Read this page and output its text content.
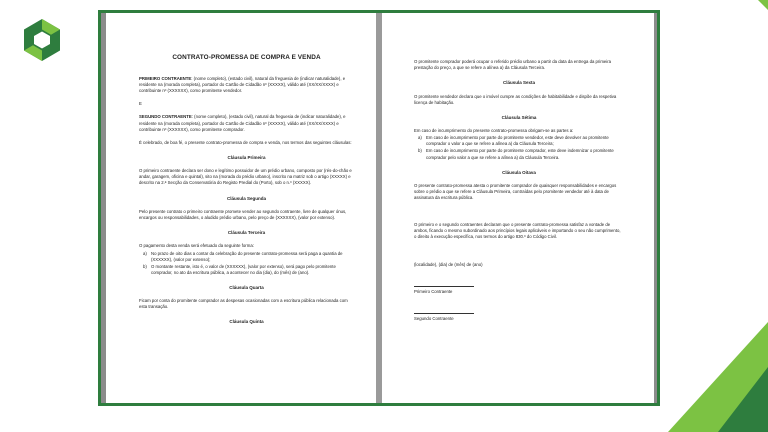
CONTRATO-PROMESSA DE COMPRA E VENDA

PRIMEIRO CONTRAENTE: (nome completo), (estado civil), natural da freguesia de (indicar naturalidade), e residente na (morada completa), portador do Cartão de Cidadão nº (XXXXX), válido até (XX/XX/XXXX) e contribuinte nº (XXXXXX), como promitente vendedor.

E

SEGUNDO CONTRAENTE: (nome completo), (estado civil), natural da freguesia de (indicar naturalidade), e residente na (morada completa), portador do Cartão de Cidadão nº (XXXXX), válido até (XX/XX/XXXX) e contribuinte nº (XXXXXX), como promitente comprador.

É celebrado, de boa fé, o presente contrato-promessa de compra e venda, nos termos das seguintes cláusulas:

Cláusula Primeira

O primeiro contraente declara ser dono e legítimo possuidor de um prédio urbano, composto por (rés-do-chão e andar, garagem, oficina e quintal), sito na (morada do prédio urbano), inscrito na matriz sob o artigo (XXXXX) e descrito na 2.ª Secção da Conservatória do Registo Predial do (Porto), sob o n.º (XXXXX).

Cláusula Segunda

Pelo presente contrato o primeiro contraente promete vender ao segundo contraente, livre de qualquer ónus, encargos ou responsabilidades, o aludido prédio urbano, pelo preço de (XXXXXX), (valor por extenso).

Cláusula Terceira

O pagamento desta venda será efetuado da seguinte forma:

a) No prazo de oito dias a contar da celebração do presente contrato-promessa será paga a quantia de (XXXXXX), (valor por extenso);
b) O montante restante, isto é, o valor de (XXXXXX), (valor por extenso), será pago pelo promitente comprador, no ato da escritura pública, a acontecer no dia (dia), do (mês) de (ano).
Cláusula Quarta

Ficam por conta do promitente comprador as despesas ocasionadas com a escritura pública relacionada com esta transação.

Cláusula Quinta

O promitente comprador poderá ocupar o referido prédio urbano a partir da data da entrega da primeira prestação do preço, a que se refere a alínea a) da Cláusula Terceira.

Cláusula Sexta

O promitente vendedor declara que o imóvel cumpre as condições de habitabilidade e dispõe da respetiva licença de habitação.

Cláusula Sétima

Em caso de incumprimento do presente contrato-promessa obrigam-se as partes a:

a) Em caso de incumprimento por parte do promitente vendedor, este deve devolver ao promitente comprador o valor a que se refere a alínea a) da Cláusula Terceira;
b) Em caso de incumprimento por parte do promitente comprador, este deve indemnizar o promitente comprador pelo valor a que se refere a alínea a) da Cláusula Terceira.
Cláusula Oitava

O presente contrato-promessa atesta o promitente comprador de quaisquer responsabilidades e encargos sobre o prédio a que se refere a Cláusula Primeira, contraídas pelo promitente vendedor até à data de assinatura da escritura pública.

O primeiro e o segundo contraentes declaram que o presente contrato-promessa satisfaz a vontade de ambos, ficando o mesmo subordinado aos princípios legais aplicáveis e importando o seu não cumprimento, o direito à execução específica, nos termos do artigo 830.º do Código Civil.

(localidade), (dia) de (mês) de (ano)

Primeiro Contraente
Segundo Contraente
